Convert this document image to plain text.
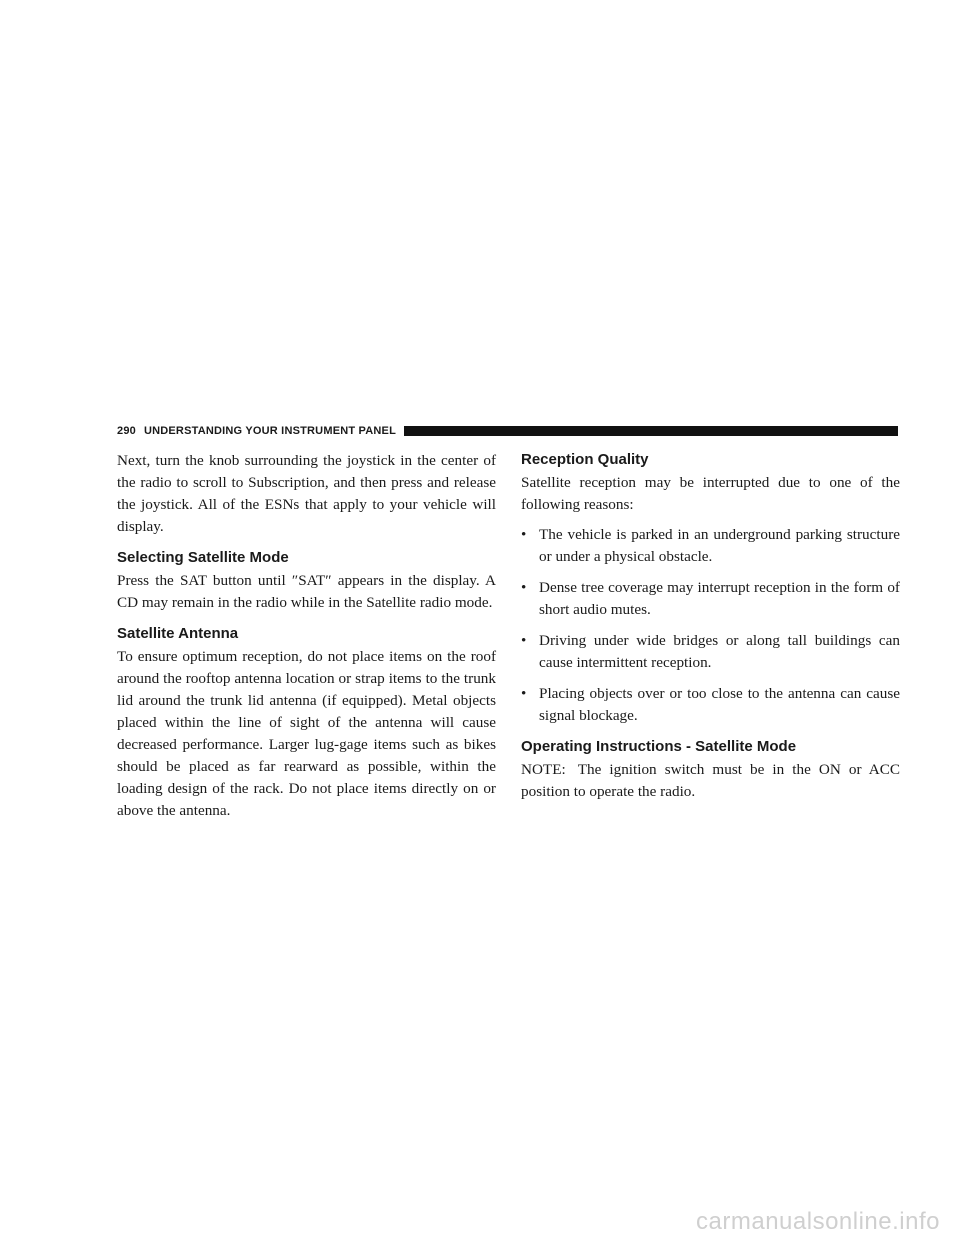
290 UNDERSTANDING YOUR INSTRUMENT PANEL

Next, turn the knob surrounding the joystick in the center of the radio to scroll to Subscription, and then press and release the joystick. All of the ESNs that apply to your vehicle will display.

Selecting Satellite Mode

Press the SAT button until ″SAT″ appears in the display. A CD may remain in the radio while in the Satellite radio mode.

Satellite Antenna

To ensure optimum reception, do not place items on the roof around the rooftop antenna location or strap items to the trunk lid around the trunk lid antenna (if equipped). Metal objects placed within the line of sight of the antenna will cause decreased performance. Larger lug-gage items such as bikes should be placed as far rearward as possible, within the loading design of the rack. Do not place items directly on or above the antenna.

Reception Quality

Satellite reception may be interrupted due to one of the following reasons:

• The vehicle is parked in an underground parking structure or under a physical obstacle.
• Dense tree coverage may interrupt reception in the form of short audio mutes.
• Driving under wide bridges or along tall buildings can cause intermittent reception.
• Placing objects over or too close to the antenna can cause signal blockage.
Operating Instructions - Satellite Mode

NOTE: The ignition switch must be in the ON or ACC position to operate the radio.

carmanualsonline.info
